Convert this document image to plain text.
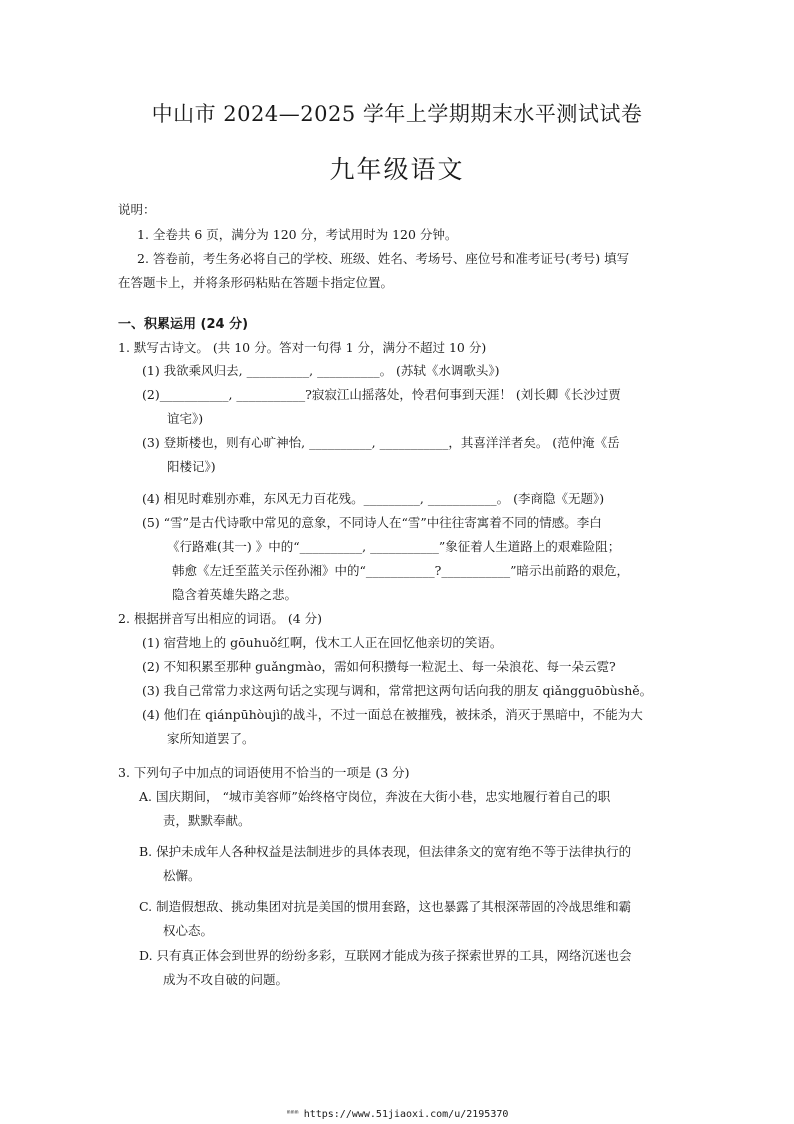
中山市 2024—2025 学年上学期期末水平测试试卷
九年级语文
说明：
1. 全卷共 6 页，满分为 120 分，考试用时为 120 分钟。
2. 答卷前，考生务必将自己的学校、班级、姓名、考场号、座位号和准考证号(考号) 填写
在答题卡上，并将条形码粘贴在答题卡指定位置。
一、积累运用 (24 分)
1. 默写古诗文。 (共 10 分。答对一句得 1 分，满分不超过 10 分)
(1) 我欲乘风归去, __________, __________。 (苏轼《水调歌头》)
(2)___________, ___________?寂寂江山摇落处，怜君何事到天涯！ (刘长卿《长沙过贾
谊宅》)
(3) 登斯楼也，则有心旷神怡, __________, ___________，其喜洋洋者矣。 (范仲淹《岳
阳楼记》)
(4) 相见时难别亦难，东风无力百花残。_________, ___________。 (李商隐《无题》)
(5) “雪”是古代诗歌中常见的意象，不同诗人在“雪”中往往寄寓着不同的情感。李白
《行路难(其一) 》中的“__________, ___________”象征着人生道路上的艰难险阻；
韩愈《左迁至蓝关示侄孙湘》中的“___________?___________”暗示出前路的艰危，
隐含着英雄失路之悲。
2. 根据拼音写出相应的词语。 (4 分)
(1) 宿营地上的 gōuhuǒ红啊，伐木工人正在回忆他亲切的笑语。
(2) 不知积累至那种 guǎngmào，需如何积攒每一粒泥土、每一朵浪花、每一朵云霓?
(3) 我自己常常力求这两句话之实现与调和，常常把这两句话向我的朋友 qiǎngguōbùshě。
(4) 他们在 qiánpūhòujì的战斗，不过一面总在被摧残，被抹杀，消灭于黑暗中，不能为大
家所知道罢了。
3. 下列句子中加点的词语使用不恰当的一项是 (3 分)
A. 国庆期间， “城市美容师”始终格守岗位，奔波在大街小巷，忠实地履行着自己的职
责，默默奉献。
B. 保护未成年人各种权益是法制进步的具体表现，但法律条文的宽宥绝不等于法律执行的
松懈。
C. 制造假想敌、挑动集团对抗是美国的惯用套路，这也暴露了其根深蒂固的冷战思维和霸
权心态。
D. 只有真正体会到世界的纷纷多彩，互联网才能成为孩子探索世界的工具，网络沉迷也会
成为不攻自破的问题。
ᵐᵐᵐ https://www.51jiaoxi.com/u/2195370
